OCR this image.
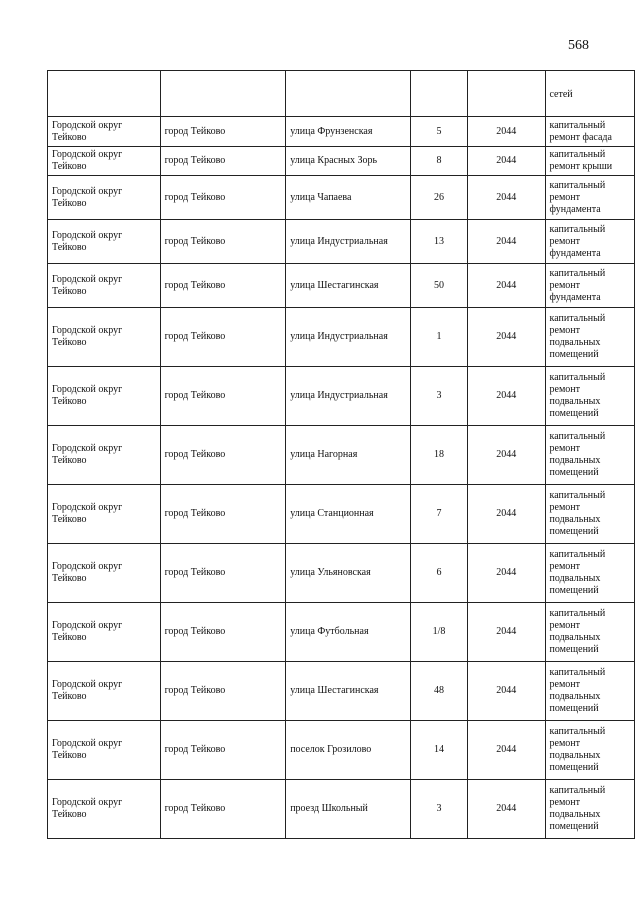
568

					сетей

Городской округ Тейково	город Тейково	улица Фрунзенская	5	2044	капитальный ремонт фасада
Городской округ Тейково	город Тейково	улица Красных Зорь	8	2044	капитальный ремонт крыши
Городской округ Тейково	город Тейково	улица Чапаева	26	2044	капитальный ремонт фундамента
Городской округ Тейково	город Тейково	улица Индустриальная	13	2044	капитальный ремонт фундамента
Городской округ Тейково	город Тейково	улица Шестагинская	50	2044	капитальный ремонт фундамента
Городской округ Тейково	город Тейково	улица Индустриальная	1	2044	капитальный ремонт подвальных помещений
Городской округ Тейково	город Тейково	улица Индустриальная	3	2044	капитальный ремонт подвальных помещений
Городской округ Тейково	город Тейково	улица Нагорная	18	2044	капитальный ремонт подвальных помещений
Городской округ Тейково	город Тейково	улица Станционная	7	2044	капитальный ремонт подвальных помещений
Городской округ Тейково	город Тейково	улица Ульяновская	6	2044	капитальный ремонт подвальных помещений
Городской округ Тейково	город Тейково	улица Футбольная	1/8	2044	капитальный ремонт подвальных помещений
Городской округ Тейково	город Тейково	улица Шестагинская	48	2044	капитальный ремонт подвальных помещений
Городской округ Тейково	город Тейково	поселок Грозилово	14	2044	капитальный ремонт подвальных помещений
Городской округ Тейково	город Тейково	проезд Школьный	3	2044	капитальный ремонт подвальных помещений
